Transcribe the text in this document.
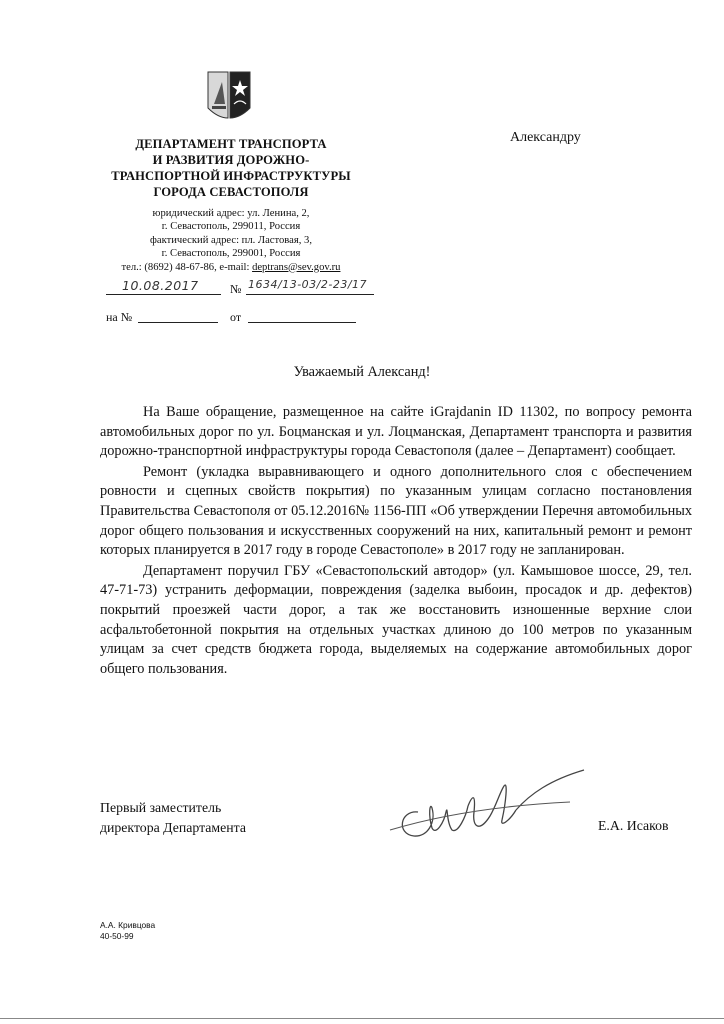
ДЕПАРТАМЕНТ ТРАНСПОРТА
И РАЗВИТИЯ ДОРОЖНО-
ТРАНСПОРТНОЙ ИНФРАСТРУКТУРЫ
ГОРОДА СЕВАСТОПОЛЯ
юридический адрес: ул. Ленина, 2,
г. Севастополь, 299011, Россия
фактический адрес: пл. Ластовая, 3,
г. Севастополь, 299001, Россия
тел.: (8692) 48-67-86, e-mail: deptrans@sev.gov.ru
10.08.2017	№ 1634/13-03/2-23/17
на №	от
Александру
Уважаемый Александ!

На Ваше обращение, размещенное на сайте iGrajdanin ID 11302, по вопросу ремонта автомобильных дорог по ул. Боцманская и ул. Лоцманская, Департамент транспорта и развития дорожно-транспортной инфраструктуры города Севастополя (далее – Департамент) сообщает.

Ремонт (укладка выравнивающего и одного дополнительного слоя с обеспечением ровности и сцепных свойств покрытия) по указанным улицам согласно постановления Правительства Севастополя от 05.12.2016№ 1156-ПП «Об утверждении Перечня автомобильных дорог общего пользования и искусственных сооружений на них, капитальный ремонт и ремонт которых планируется в 2017 году в городе Севастополе» в 2017 году не запланирован.

Департамент поручил ГБУ «Севастопольский автодор» (ул. Камышовое шоссе, 29, тел. 47-71-73) устранить деформации, повреждения (заделка выбоин, просадок и др. дефектов) покрытий проезжей части дорог, а так же восстановить изношенные верхние слои асфальтобетонной покрытия на отдельных участках длиною до 100 метров по указанным улицам за счет средств бюджета города, выделяемых на содержание автомобильных дорог общего пользования.

Первый заместитель
директора Департамента	Е.А. Исаков
А.А. Кривцова
40-50-99
